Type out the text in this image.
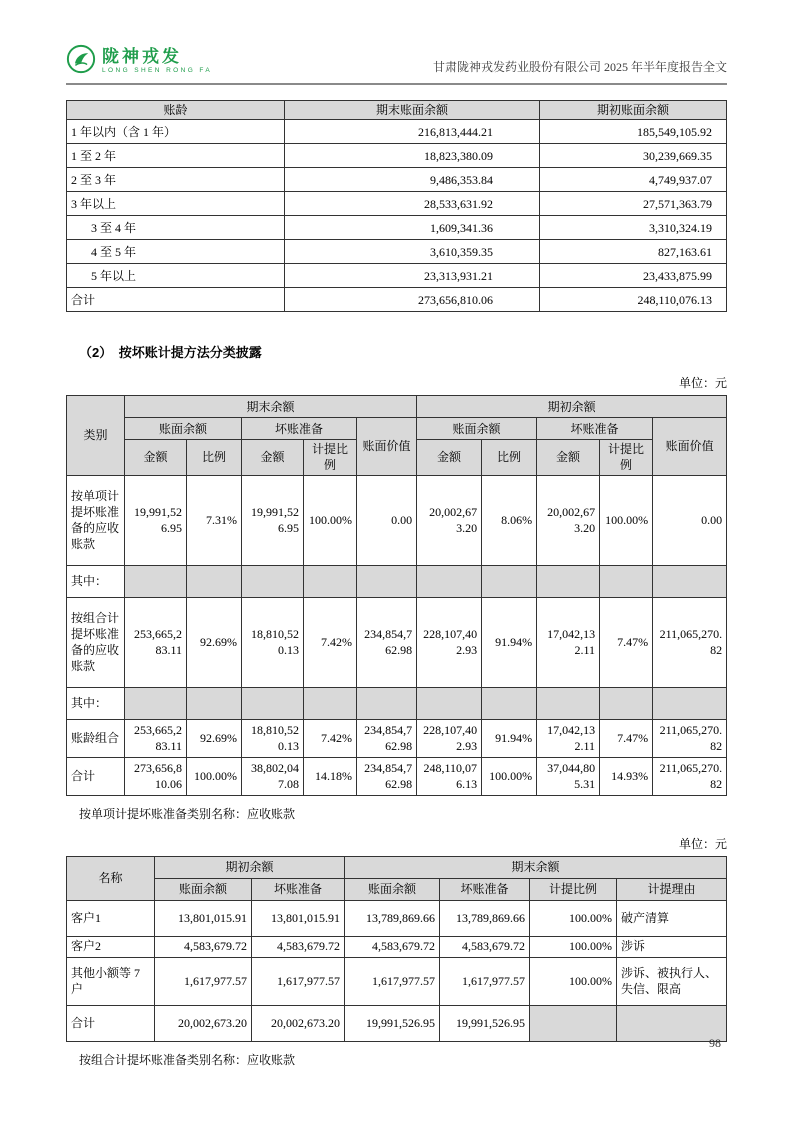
陇神戎发
LONG SHEN RONG FA	甘肃陇神戎发药业股份有限公司 2025 年半年度报告全文
账龄	期末账面余额	期初账面余额
1 年以内（含 1 年）	216,813,444.21	185,549,105.92
1 至 2 年	18,823,380.09	30,239,669.35
2 至 3 年	9,486,353.84	4,749,937.07
3 年以上	28,533,631.92	27,571,363.79
3 至 4 年	1,609,341.36	3,310,324.19
4 至 5 年	3,610,359.35	827,163.61
5 年以上	23,313,931.21	23,433,875.99
合计	273,656,810.06	248,110,076.13
（2）　按坏账计提方法分类披露
单位：元
类别	期末余额					期初余额				
	账面余额		坏账准备		账面价值	账面余额		坏账准备		账面价值
	金额	比例	金额	计提比例		金额	比例	金额	计提比例	
按单项计提坏账准备的应收账款	19,991,526.95	7.31%	19,991,526.95	100.00%	0.00	20,002,673.20	8.06%	20,002,673.20	100.00%	0.00
其中：										
按组合计提坏账准备的应收账款	253,665,283.11	92.69%	18,810,520.13	7.42%	234,854,762.98	228,107,402.93	91.94%	17,042,132.11	7.47%	211,065,270.82
其中：										
账龄组合	253,665,283.11	92.69%	18,810,520.13	7.42%	234,854,762.98	228,107,402.93	91.94%	17,042,132.11	7.47%	211,065,270.82
合计	273,656,810.06	100.00%	38,802,047.08	14.18%	234,854,762.98	248,110,076.13	100.00%	37,044,805.31	14.93%	211,065,270.82
按单项计提坏账准备类别名称：应收账款
单位：元
名称	期初余额		期末余额			
	账面余额	坏账准备	账面余额	坏账准备	计提比例	计提理由
客户1	13,801,015.91	13,801,015.91	13,789,869.66	13,789,869.66	100.00%	破产清算
客户2	4,583,679.72	4,583,679.72	4,583,679.72	4,583,679.72	100.00%	涉诉
其他小额等 7 户	1,617,977.57	1,617,977.57	1,617,977.57	1,617,977.57	100.00%	涉诉、被执行人、失信、限高
合计	20,002,673.20	20,002,673.20	19,991,526.95	19,991,526.95		
按组合计提坏账准备类别名称：应收账款
98
